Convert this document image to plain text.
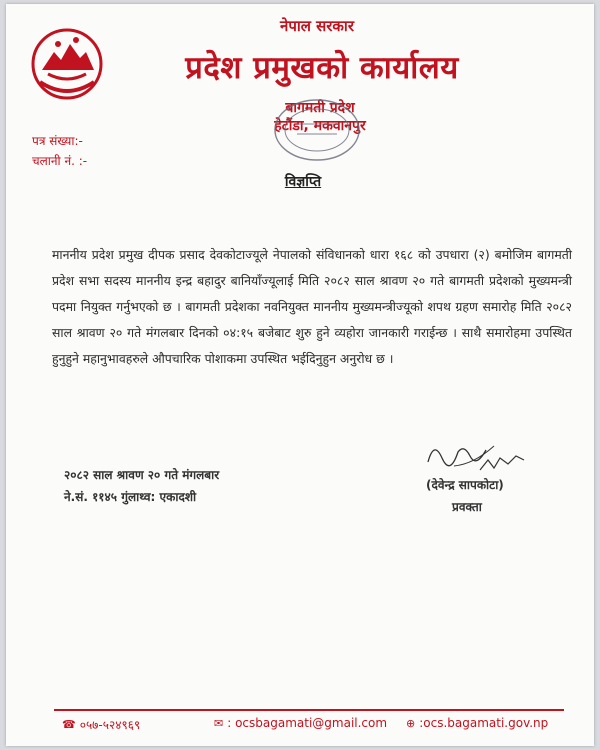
नेपाल सरकार
प्रदेश प्रमुखको कार्यालय
बागमती प्रदेश
हेटौंडा, मकवानपुर
पत्र संख्या:-
चलानी नं. :-
विज्ञप्ति
माननीय प्रदेश प्रमुख दीपक प्रसाद देवकोटाज्यूले नेपालको संविधानको धारा १६८ को उपधारा (२) बमोजिम बागमती प्रदेश सभा सदस्य माननीय इन्द्र बहादुर बानियाँज्यूलाई मिति २०८२ साल श्रावण २० गते बागमती प्रदेशको मुख्यमन्त्री पदमा नियुक्त गर्नुभएको छ । बागमती प्रदेशका नवनियुक्त माननीय मुख्यमन्त्रीज्यूको शपथ ग्रहण समारोह मिति २०८२ साल श्रावण २० गते मंगलबार दिनको ०४:१५ बजेबाट शुरु हुने व्यहोरा जानकारी गराईन्छ । साथै समारोहमा उपस्थित हुनुहुने महानुभावहरुले औपचारिक पोशाकमा उपस्थित भईदिनुहुन अनुरोध छ ।
२०८२ साल श्रावण २० गते मंगलबार
ने.सं. ११४५ गुंलाथ्व: एकादशी
(देवेन्द्र सापकोटा)
प्रवक्ता
☎ ०५७-५२४९६९	✉ : ocsbagamati@gmail.com ⊕ :ocs.bagamati.gov.np
